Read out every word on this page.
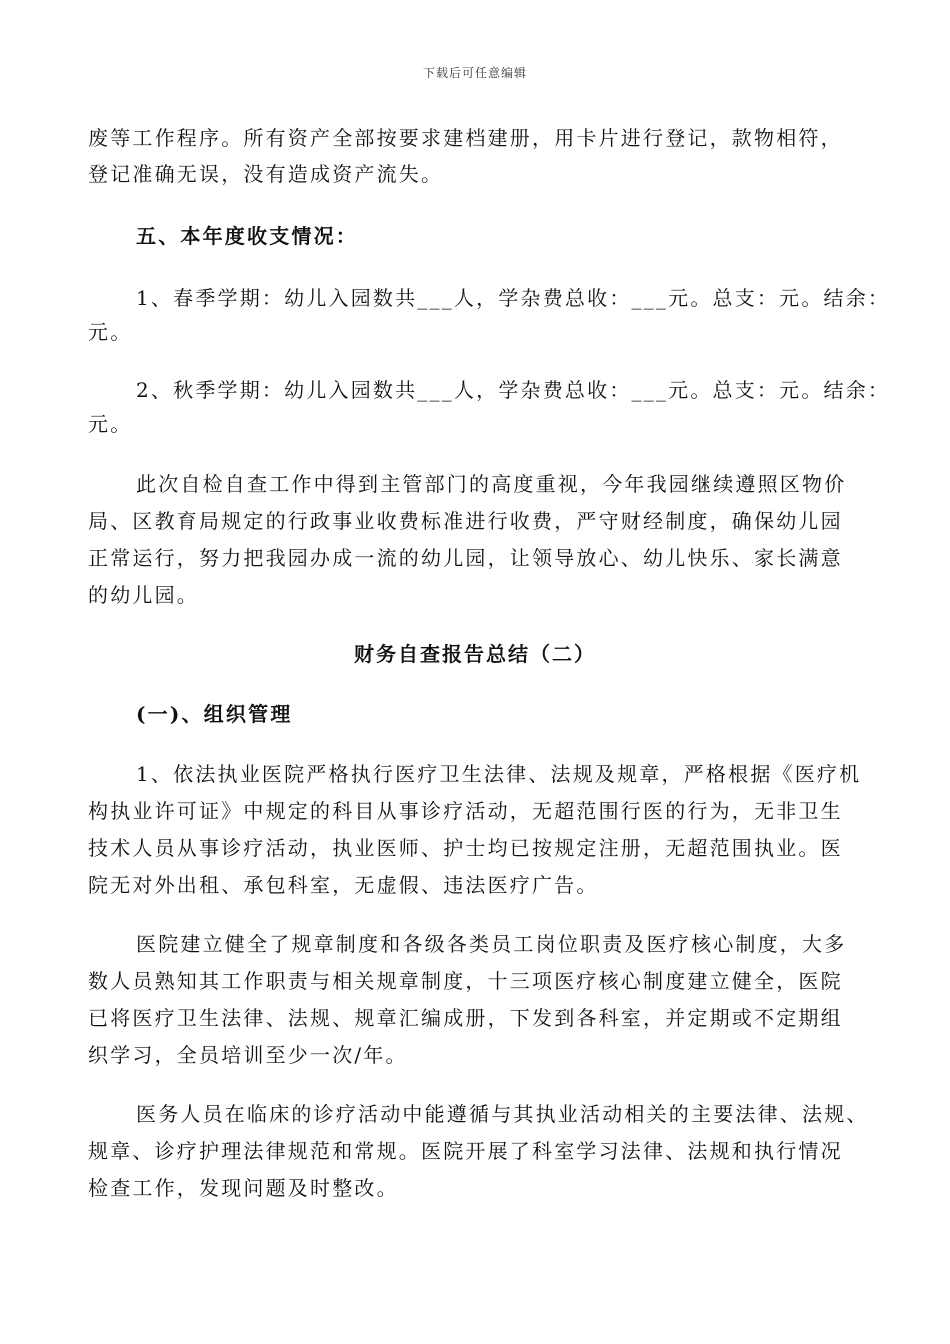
下载后可任意编辑
废等工作程序。所有资产全部按要求建档建册，用卡片进行登记，款物相符，
登记准确无误，没有造成资产流失。
五、本年度收支情况：
1、春季学期：幼儿入园数共___人，学杂费总收：___元。总支：元。结余：
元。
2、秋季学期：幼儿入园数共___人，学杂费总收：___元。总支：元。结余：
元。
此次自检自查工作中得到主管部门的高度重视，今年我园继续遵照区物价
局、区教育局规定的行政事业收费标准进行收费，严守财经制度，确保幼儿园
正常运行，努力把我园办成一流的幼儿园，让领导放心、幼儿快乐、家长满意
的幼儿园。
财务自查报告总结（二）
(一)、组织管理
1、依法执业医院严格执行医疗卫生法律、法规及规章，严格根据《医疗机
构执业许可证》中规定的科目从事诊疗活动，无超范围行医的行为，无非卫生
技术人员从事诊疗活动，执业医师、护士均已按规定注册，无超范围执业。医
院无对外出租、承包科室，无虚假、违法医疗广告。
医院建立健全了规章制度和各级各类员工岗位职责及医疗核心制度，大多
数人员熟知其工作职责与相关规章制度，十三项医疗核心制度建立健全，医院
已将医疗卫生法律、法规、规章汇编成册，下发到各科室，并定期或不定期组
织学习，全员培训至少一次/年。
医务人员在临床的诊疗活动中能遵循与其执业活动相关的主要法律、法规、
规章、诊疗护理法律规范和常规。医院开展了科室学习法律、法规和执行情况
检查工作，发现问题及时整改。
